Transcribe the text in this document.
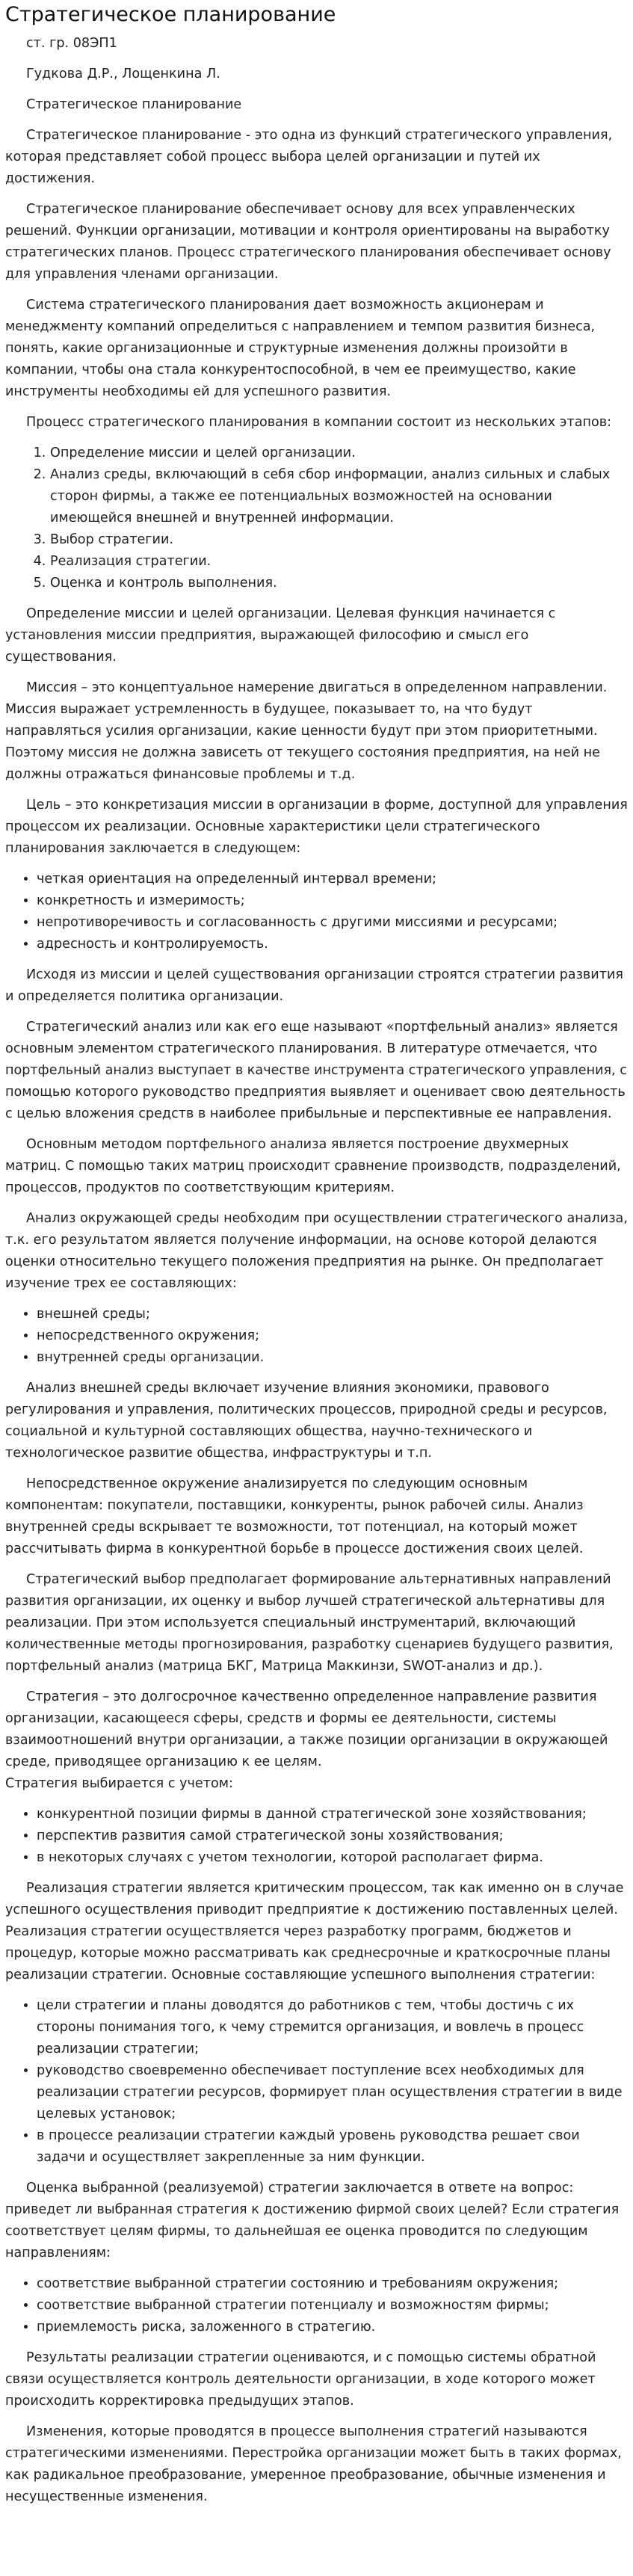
Стратегическое планирование

ст. гр. 08ЭП1

Гудкова Д.Р., Лощенкина Л.

Стратегическое планирование

Стратегическое планирование - это одна из функций стратегического управления, которая представляет собой процесс выбора целей организации и путей их достижения.

Стратегическое планирование обеспечивает основу для всех управленческих решений. Функции организации, мотивации и контроля ориентированы на выработку стратегических планов. Процесс стратегического планирования обеспечивает основу для управления членами организации.

Система стратегического планирования дает возможность акционерам и менеджменту компаний определиться с направлением и темпом развития бизнеса, понять, какие организационные и структурные изменения должны произойти в компании, чтобы она стала конкурентоспособной, в чем ее преимущество, какие инструменты необходимы ей для успешного развития.

Процесс стратегического планирования в компании состоит из нескольких этапов:

1. Определение миссии и целей организации.
2. Анализ среды, включающий в себя сбор информации, анализ сильных и слабых сторон фирмы, а также ее потенциальных возможностей на основании имеющейся внешней и внутренней информации.
3. Выбор стратегии.
4. Реализация стратегии.
5. Оценка и контроль выполнения.

Определение миссии и целей организации. Целевая функция начинается с установления миссии предприятия, выражающей философию и смысл его существования.

Миссия – это концептуальное намерение двигаться в определенном направлении. Миссия выражает устремленность в будущее, показывает то, на что будут направляться усилия организации, какие ценности будут при этом приоритетными. Поэтому миссия не должна зависеть от текущего состояния предприятия, на ней не должны отражаться финансовые проблемы и т.д.

Цель – это конкретизация миссии в организации в форме, доступной для управления процессом их реализации. Основные характеристики цели стратегического планирования заключается в следующем:

• четкая ориентация на определенный интервал времени;
• конкретность и измеримость;
• непротиворечивость и согласованность с другими миссиями и ресурсами;
• адресность и контролируемость.

Исходя из миссии и целей существования организации строятся стратегии развития и определяется политика организации.

Стратегический анализ или как его еще называют «портфельный анализ» является основным элементом стратегического планирования. В литературе отмечается, что портфельный анализ выступает в качестве инструмента стратегического управления, с помощью которого руководство предприятия выявляет и оценивает свою деятельность с целью вложения средств в наиболее прибыльные и перспективные ее направления.

Основным методом портфельного анализа является построение двухмерных матриц. С помощью таких матриц происходит сравнение производств, подразделений, процессов, продуктов по соответствующим критериям.

Анализ окружающей среды необходим при осуществлении стратегического анализа, т.к. его результатом является получение информации, на основе которой делаются оценки относительно текущего положения предприятия на рынке. Он предполагает изучение трех ее составляющих:

• внешней среды;
• непосредственного окружения;
• внутренней среды организации.

Анализ внешней среды включает изучение влияния экономики, правового регулирования и управления, политических процессов, природной среды и ресурсов, социальной и культурной составляющих общества, научно-технического и технологическое развитие общества, инфраструктуры и т.п.

Непосредственное окружение анализируется по следующим основным компонентам: покупатели, поставщики, конкуренты, рынок рабочей силы. Анализ внутренней среды вскрывает те возможности, тот потенциал, на который может рассчитывать фирма в конкурентной борьбе в процессе достижения своих целей.

Стратегический выбор предполагает формирование альтернативных направлений развития организации, их оценку и выбор лучшей стратегической альтернативы для реализации. При этом используется специальный инструментарий, включающий количественные методы прогнозирования, разработку сценариев будущего развития, портфельный анализ (матрица БКГ, Матрица Маккинзи, SWOT-анализ и др.).

Стратегия – это долгосрочное качественно определенное направление развития организации, касающееся сферы, средств и формы ее деятельности, системы взаимоотношений внутри организации, а также позиции организации в окружающей среде, приводящее организацию к ее целям.

Стратегия выбирается с учетом:

• конкурентной позиции фирмы в данной стратегической зоне хозяйствования;
• перспектив развития самой стратегической зоны хозяйствования;
• в некоторых случаях с учетом технологии, которой располагает фирма.

Реализация стратегии является критическим процессом, так как именно он в случае успешного осуществления приводит предприятие к достижению поставленных целей. Реализация стратегии осуществляется через разработку программ, бюджетов и процедур, которые можно рассматривать как среднесрочные и краткосрочные планы реализации стратегии. Основные составляющие успешного выполнения стратегии:

• цели стратегии и планы доводятся до работников с тем, чтобы достичь с их стороны понимания того, к чему стремится организация, и вовлечь в процесс реализации стратегии;
• руководство своевременно обеспечивает поступление всех необходимых для реализации стратегии ресурсов, формирует план осуществления стратегии в виде целевых установок;
• в процессе реализации стратегии каждый уровень руководства решает свои задачи и осуществляет закрепленные за ним функции.

Оценка выбранной (реализуемой) стратегии заключается в ответе на вопрос: приведет ли выбранная стратегия к достижению фирмой своих целей? Если стратегия соответствует целям фирмы, то дальнейшая ее оценка проводится по следующим направлениям:

• соответствие выбранной стратегии состоянию и требованиям окружения;
• соответствие выбранной стратегии потенциалу и возможностям фирмы;
• приемлемость риска, заложенного в стратегию.

Результаты реализации стратегии оцениваются, и с помощью системы обратной связи осуществляется контроль деятельности организации, в ходе которого может происходить корректировка предыдущих этапов.

Изменения, которые проводятся в процессе выполнения стратегий называются стратегическими изменениями. Перестройка организации может быть в таких формах, как радикальное преобразование, умеренное преобразование, обычные изменения и несущественные изменения.
